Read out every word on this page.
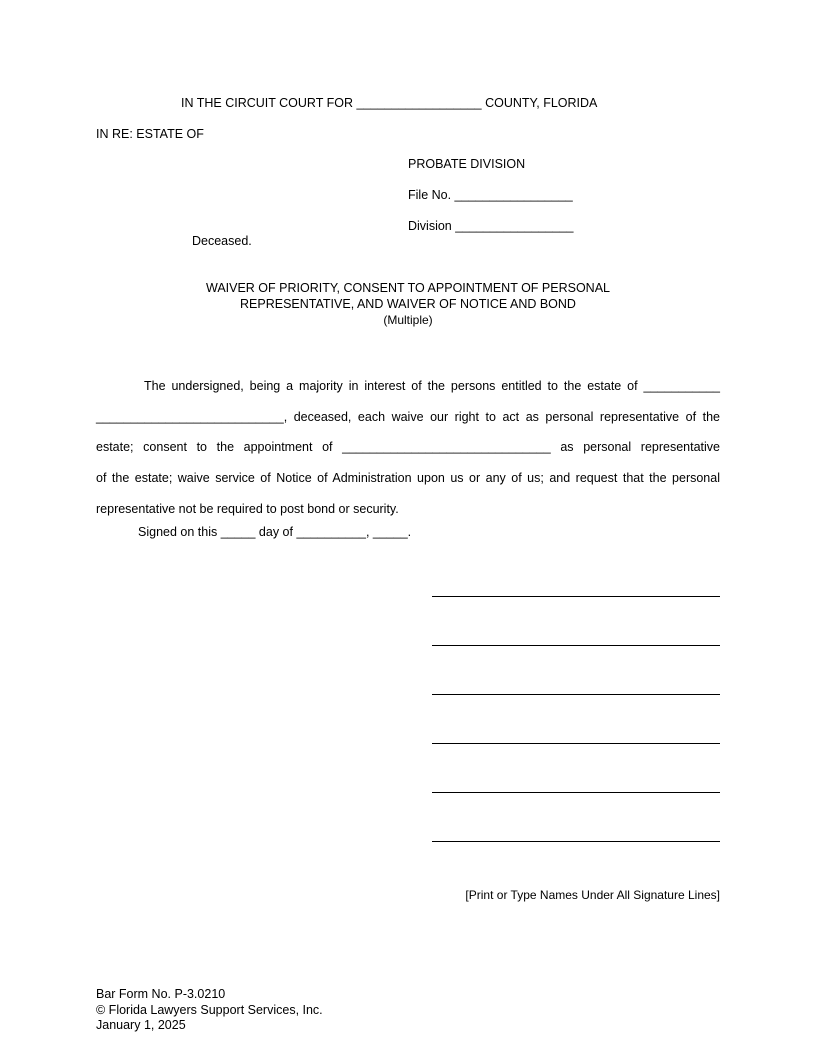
IN THE CIRCUIT COURT FOR __________________ COUNTY, FLORIDA
IN RE: ESTATE OF
PROBATE DIVISION
File No. _________________
Division _________________
Deceased.
WAIVER OF PRIORITY, CONSENT TO APPOINTMENT OF PERSONAL
REPRESENTATIVE, AND WAIVER OF NOTICE AND BOND
(Multiple)
The undersigned, being a majority in interest of the persons entitled to the estate of ___________
___________________________, deceased, each waive our right to act as personal representative of the
estate; consent to the appointment of ______________________________ as personal representative
of the estate; waive service of Notice of Administration upon us or any of us; and request that the personal
representative not be required to post bond or security.
Signed on this _____ day of __________, _____.
[Print or Type Names Under All Signature Lines]
Bar Form No. P-3.0210
© Florida Lawyers Support Services, Inc.
January 1, 2025
